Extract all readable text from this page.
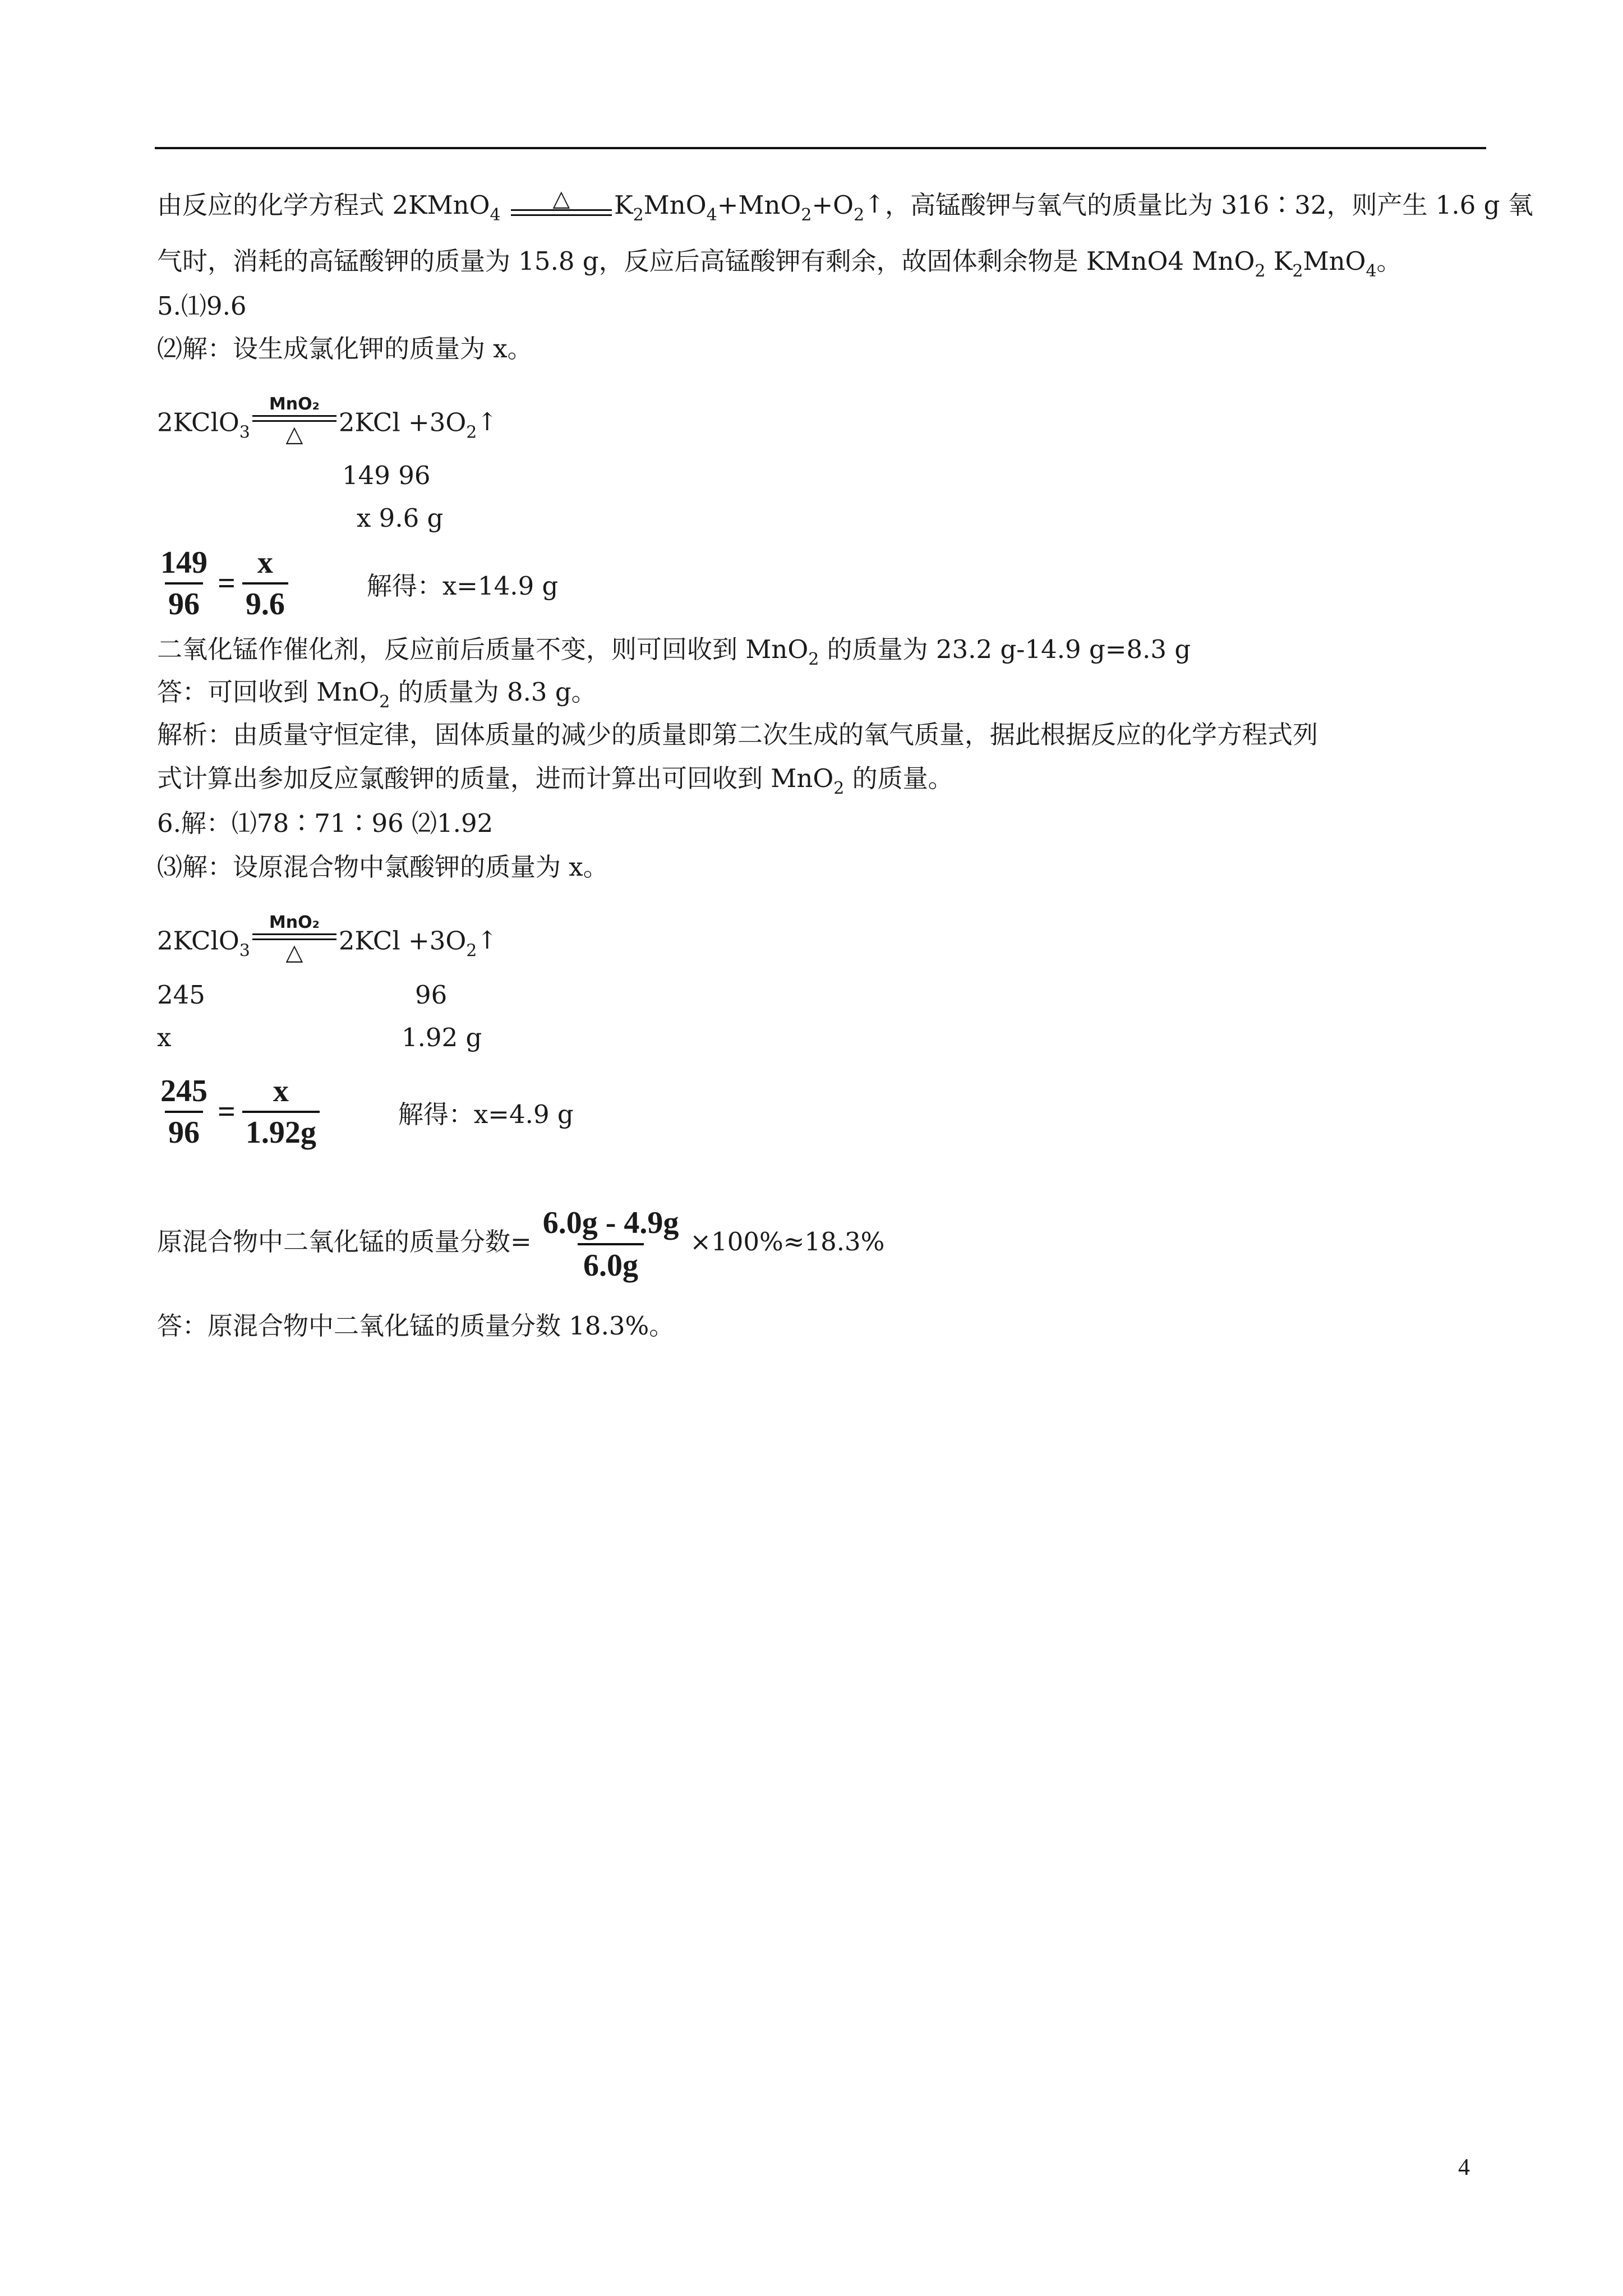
由反应的化学方程式 2KMnO$_4$
△ $K_2MnO_4+MnO_2+O_2↑$，高锰酸钾与氧气的质量比为 316∶32，则产生 1.6 g 氧
气时，消耗的高锰酸钾的质量为 15.8 g，反应后高锰酸钾有剩余，故固体剩余物是 KMnO4 MnO$_2$ $K_2MnO_4$。
5.⑴9.6
⑵解：设生成氯化钾的质量为 x。
2KClO$_3$
MnO₂
△ $2KCl +3O_2↑$
149 96
x 9.6 g
$\frac{149}{96} = \frac{x}{9.6}$	解得：x=14.9 g
二氧化锰作催化剂，反应前后质量不变，则可回收到 MnO$_2$ 的质量为 23.2 g-14.9 g=8.3 g
答：可回收到 MnO$_2$ 的质量为 8.3 g。
解析：由质量守恒定律，固体质量的减少的质量即第二次生成的氧气质量，据此根据反应的化学方程式列
式计算出参加反应氯酸钾的质量，进而计算出可回收到 MnO$_2$ 的质量。
6.解：⑴78∶71∶96 ⑵1.92
⑶解：设原混合物中氯酸钾的质量为 x。
2KClO$_3$
MnO₂
△ $2KCl +3O_2↑$
245	96
x	1.92 g
$\frac{245}{96} = \frac{x}{1.92g}$	解得：x=4.9 g
原混合物中二氧化锰的质量分数= $\frac{6.0g - 4.9g}{6.0g} \times 100\%\approx 18.3\%$
答：原混合物中二氧化锰的质量分数 18.3%。
4
